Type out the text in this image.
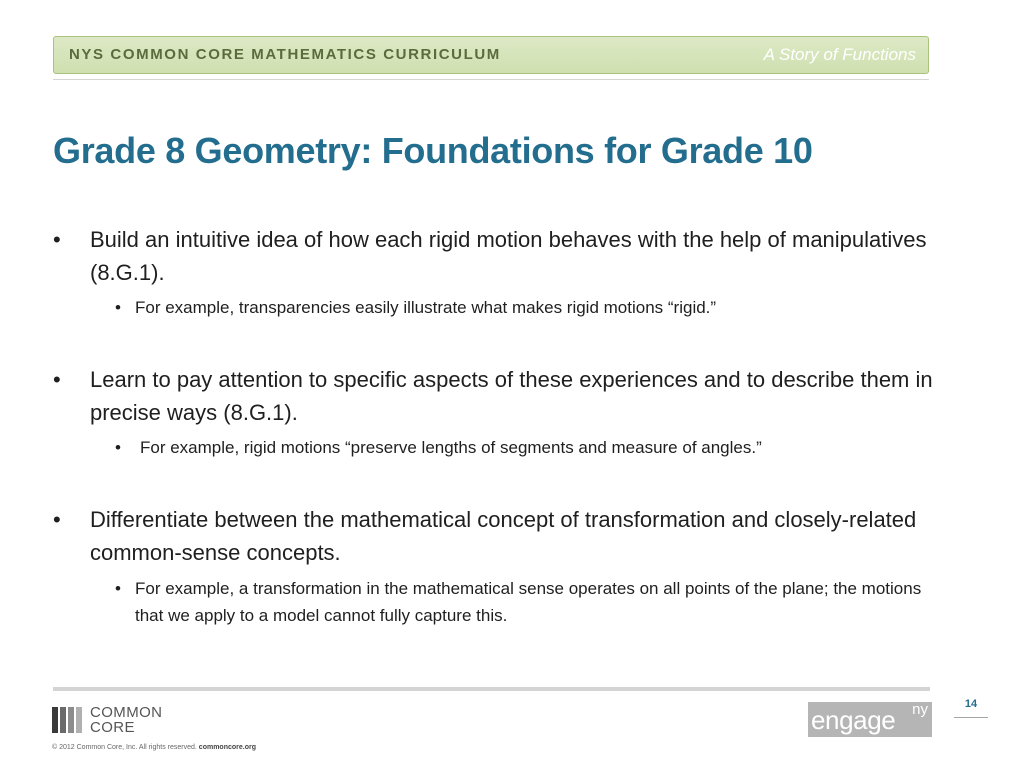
NYS COMMON CORE MATHEMATICS CURRICULUM	A Story of Functions
Grade 8 Geometry: Foundations for Grade 10
•	Build an intuitive idea of how each rigid motion behaves with the help of manipulatives (8.G.1).
• For example, transparencies easily illustrate what makes rigid motions “rigid.”
•	Learn to pay attention to specific aspects of these experiences and to describe them in precise ways (8.G.1).
• For example, rigid motions “preserve lengths of segments and measure of angles.”
•	Differentiate between the mathematical concept of transformation and closely-related common-sense concepts.
• For example, a transformation in the mathematical sense operates on all points of the plane; the motions that we apply to a model cannot fully capture this.
COMMON
CORE
© 2012 Common Core, Inc. All rights reserved. commoncore.org
engage ny	14
